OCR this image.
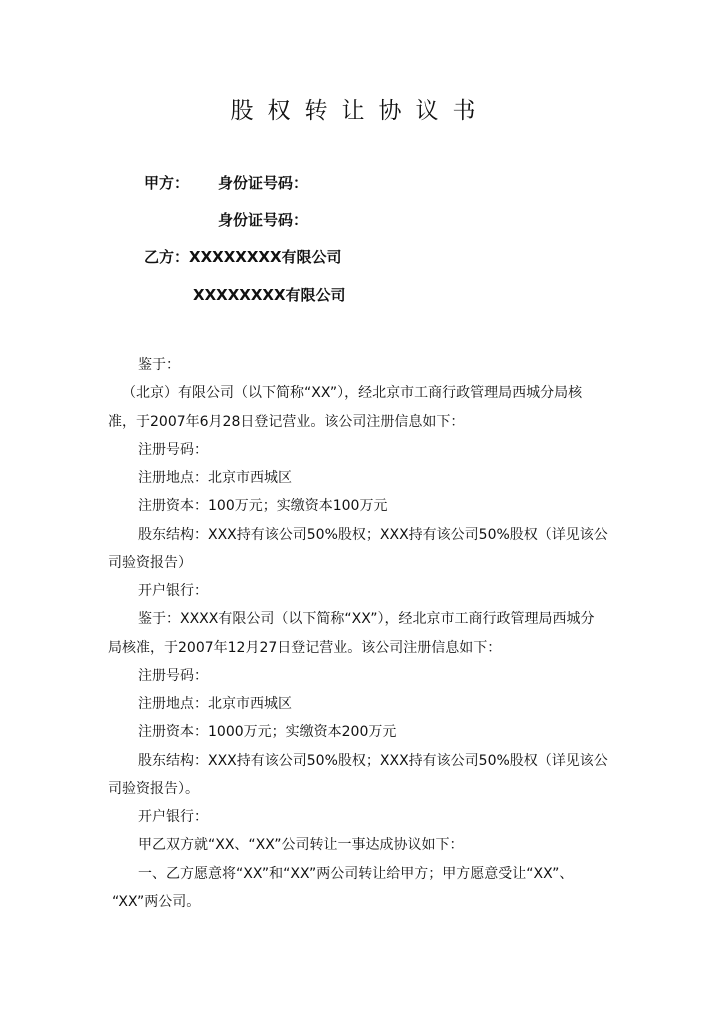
股权转让协议书
甲方： 身份证号码：
身份证号码：
乙方：XXXXXXXX有限公司
XXXXXXXX有限公司
鉴于：
（北京）有限公司（以下简称“XX”），经北京市工商行政管理局西城分局核
准，于2007年6月28日登记营业。该公司注册信息如下：
注册号码：
注册地点：北京市西城区
注册资本：100万元；实缴资本100万元
股东结构：XXX持有该公司50%股权；XXX持有该公司50%股权（详见该公
司验资报告）
开户银行：
鉴于：XXXX有限公司（以下简称“XX”），经北京市工商行政管理局西城分
局核准，于2007年12月27日登记营业。该公司注册信息如下：
注册号码：
注册地点：北京市西城区
注册资本：1000万元；实缴资本200万元
股东结构：XXX持有该公司50%股权；XXX持有该公司50%股权（详见该公
司验资报告）。
开户银行：
甲乙双方就“XX、“XX”公司转让一事达成协议如下：
一、乙方愿意将“XX”和“XX”两公司转让给甲方；甲方愿意受让“XX”、
“XX”两公司。
